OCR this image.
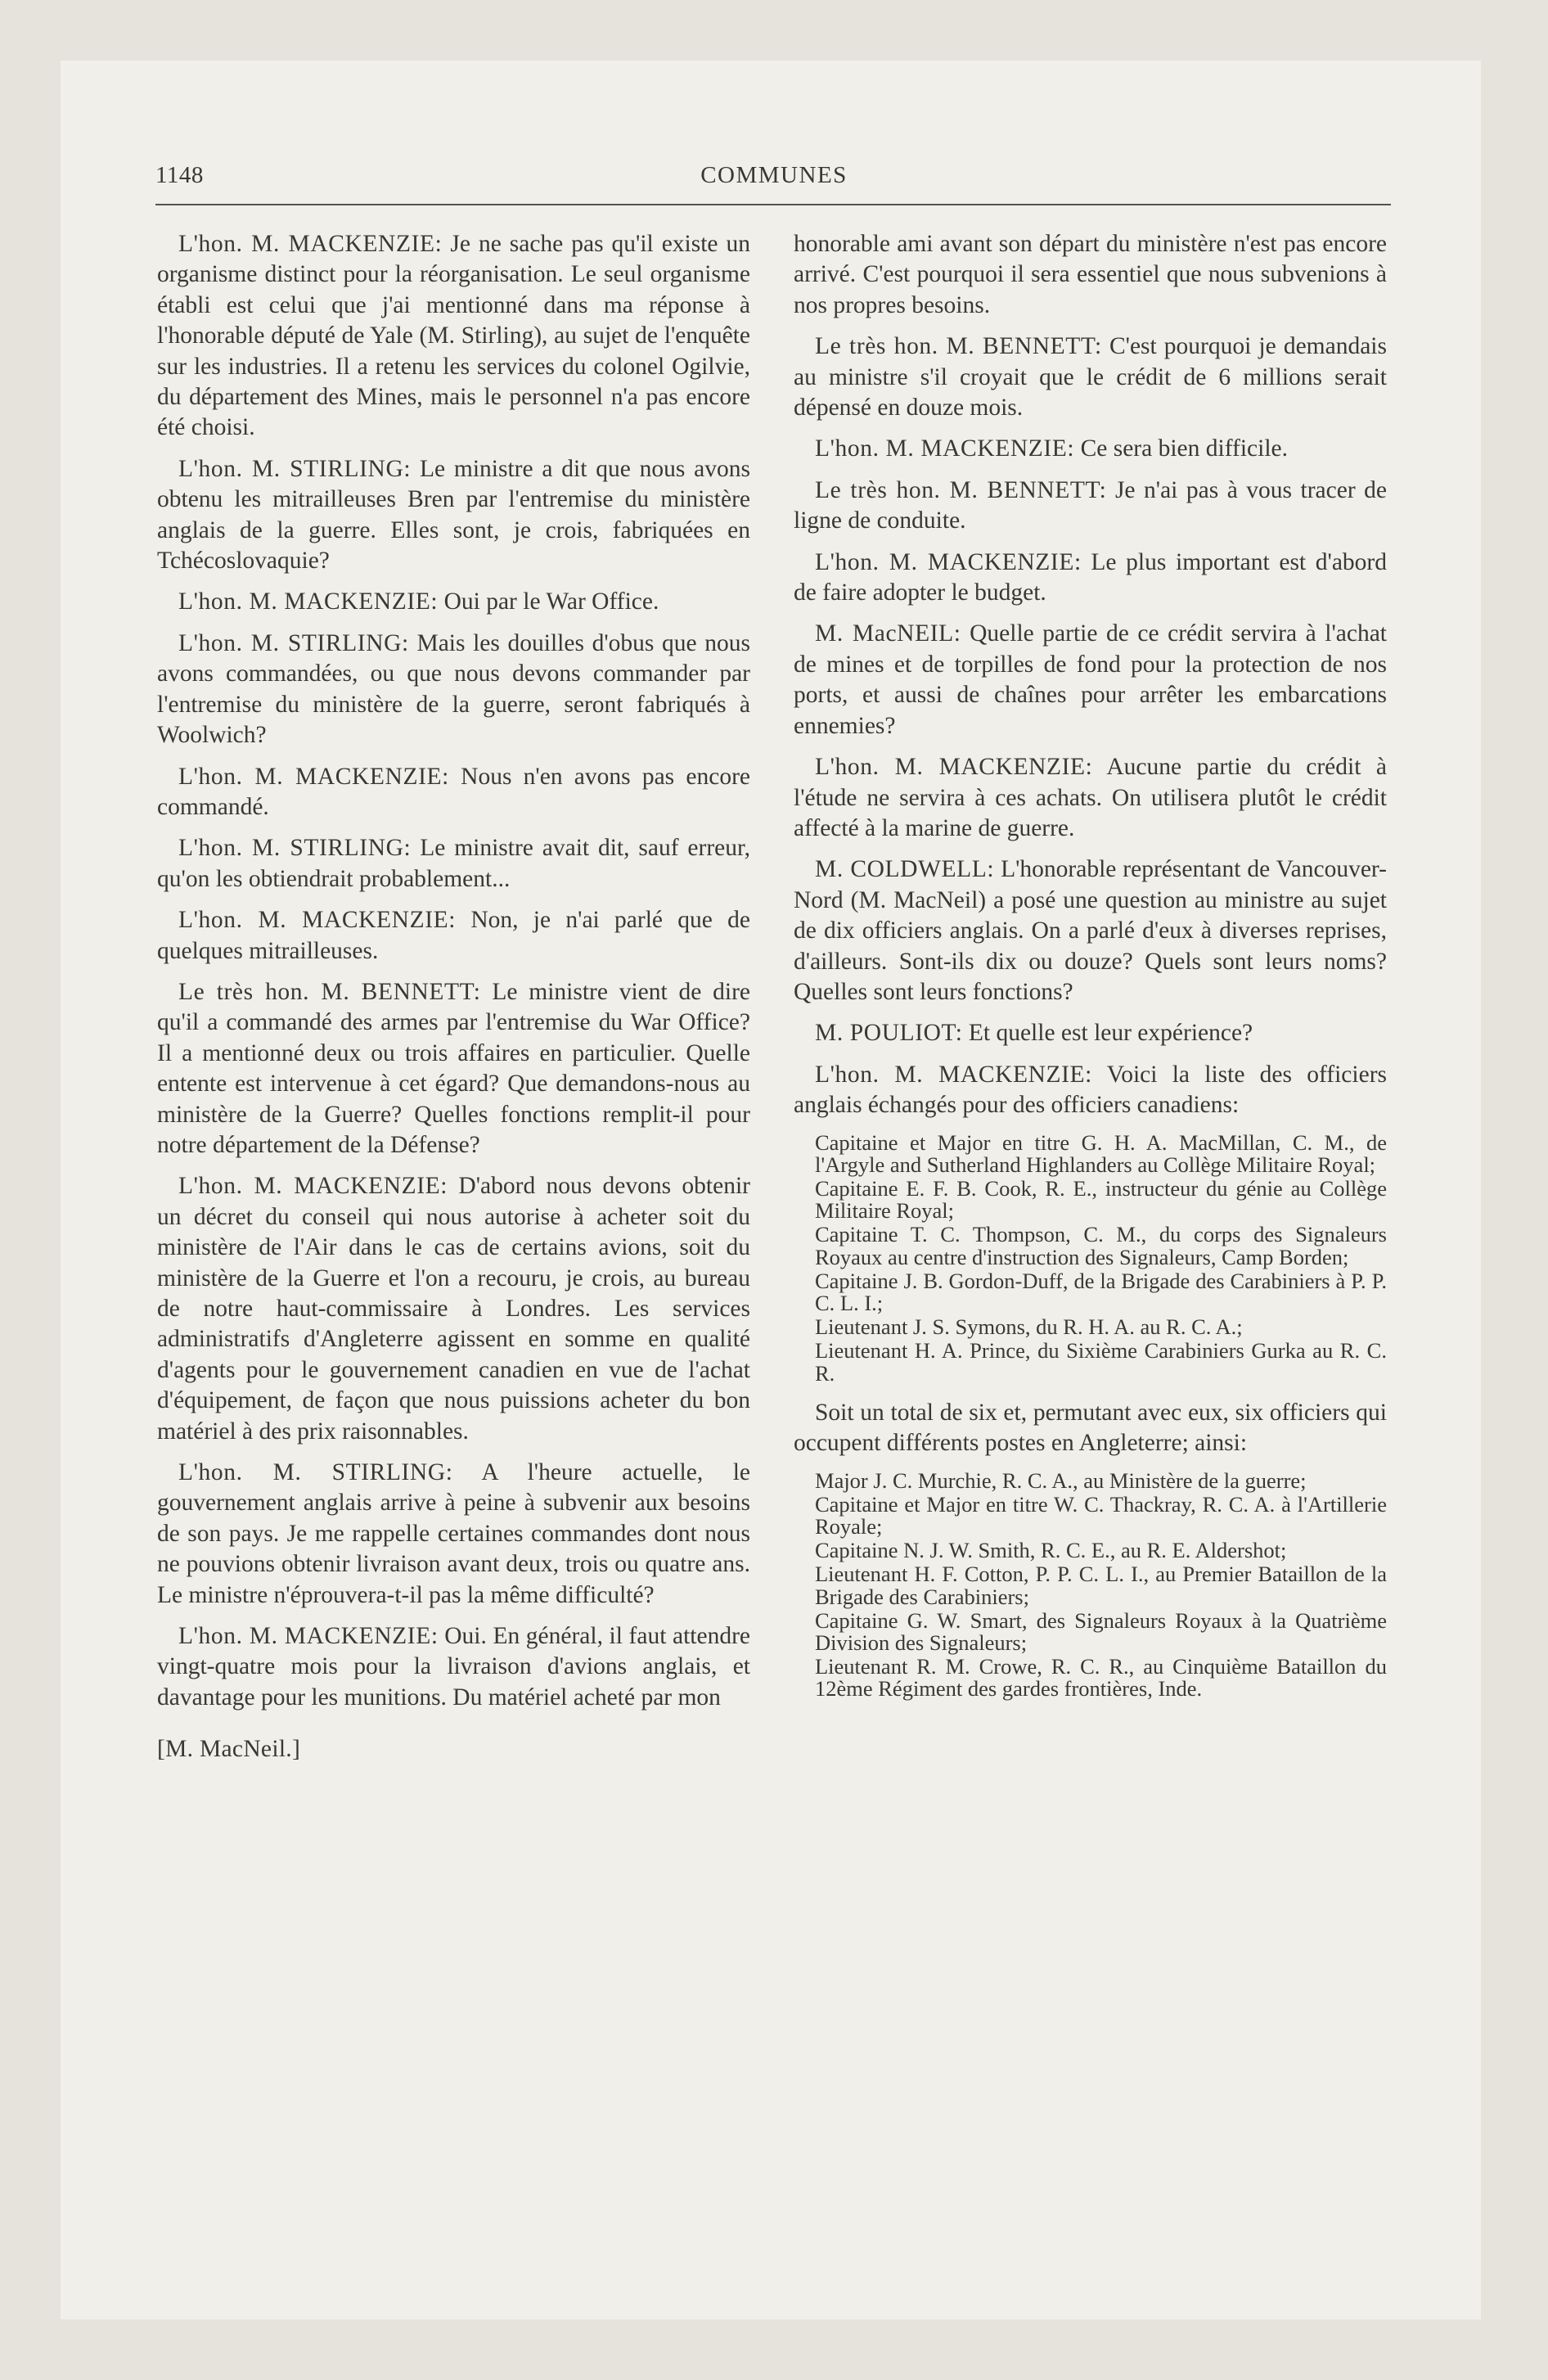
1148	COMMUNES

L'hon. M. MACKENZIE: Je ne sache pas qu'il existe un organisme distinct pour la réorganisation. Le seul organisme établi est celui que j'ai mentionné dans ma réponse à l'honorable député de Yale (M. Stirling), au sujet de l'enquête sur les industries. Il a retenu les services du colonel Ogilvie, du département des Mines, mais le personnel n'a pas encore été choisi.

L'hon. M. STIRLING: Le ministre a dit que nous avons obtenu les mitrailleuses Bren par l'entremise du ministère anglais de la guerre. Elles sont, je crois, fabriquées en Tchécoslovaquie?

L'hon. M. MACKENZIE: Oui par le War Office.

L'hon. M. STIRLING: Mais les douilles d'obus que nous avons commandées, ou que nous devons commander par l'entremise du ministère de la guerre, seront fabriqués à Woolwich?

L'hon. M. MACKENZIE: Nous n'en avons pas encore commandé.

L'hon. M. STIRLING: Le ministre avait dit, sauf erreur, qu'on les obtiendrait probablement...

L'hon. M. MACKENZIE: Non, je n'ai parlé que de quelques mitrailleuses.

Le très hon. M. BENNETT: Le ministre vient de dire qu'il a commandé des armes par l'entremise du War Office? Il a mentionné deux ou trois affaires en particulier. Quelle entente est intervenue à cet égard? Que demandons-nous au ministère de la Guerre? Quelles fonctions remplit-il pour notre département de la Défense?

L'hon. M. MACKENZIE: D'abord nous devons obtenir un décret du conseil qui nous autorise à acheter soit du ministère de l'Air dans le cas de certains avions, soit du ministère de la Guerre et l'on a recouru, je crois, au bureau de notre haut-commissaire à Londres. Les services administratifs d'Angleterre agissent en somme en qualité d'agents pour le gouvernement canadien en vue de l'achat d'équipement, de façon que nous puissions acheter du bon matériel à des prix raisonnables.

L'hon. M. STIRLING: A l'heure actuelle, le gouvernement anglais arrive à peine à subvenir aux besoins de son pays. Je me rappelle certaines commandes dont nous ne pouvions obtenir livraison avant deux, trois ou quatre ans. Le ministre n'éprouvera-t-il pas la même difficulté?

L'hon. M. MACKENZIE: Oui. En général, il faut attendre vingt-quatre mois pour la livraison d'avions anglais, et davantage pour les munitions. Du matériel acheté par mon

[M. MacNeil.]

honorable ami avant son départ du ministère n'est pas encore arrivé. C'est pourquoi il sera essentiel que nous subvenions à nos propres besoins.

Le très hon. M. BENNETT: C'est pourquoi je demandais au ministre s'il croyait que le crédit de 6 millions serait dépensé en douze mois.

L'hon. M. MACKENZIE: Ce sera bien difficile.

Le très hon. M. BENNETT: Je n'ai pas à vous tracer de ligne de conduite.

L'hon. M. MACKENZIE: Le plus important est d'abord de faire adopter le budget.

M. MacNEIL: Quelle partie de ce crédit servira à l'achat de mines et de torpilles de fond pour la protection de nos ports, et aussi de chaînes pour arrêter les embarcations ennemies?

L'hon. M. MACKENZIE: Aucune partie du crédit à l'étude ne servira à ces achats. On utilisera plutôt le crédit affecté à la marine de guerre.

M. COLDWELL: L'honorable représentant de Vancouver-Nord (M. MacNeil) a posé une question au ministre au sujet de dix officiers anglais. On a parlé d'eux à diverses reprises, d'ailleurs. Sont-ils dix ou douze? Quels sont leurs noms? Quelles sont leurs fonctions?

M. POULIOT: Et quelle est leur expérience?

L'hon. M. MACKENZIE: Voici la liste des officiers anglais échangés pour des officiers canadiens:

Capitaine et Major en titre G. H. A. MacMillan, C. M., de l'Argyle and Sutherland Highlanders au Collège Militaire Royal;

Capitaine E. F. B. Cook, R. E., instructeur du génie au Collège Militaire Royal;

Capitaine T. C. Thompson, C. M., du corps des Signaleurs Royaux au centre d'instruction des Signaleurs, Camp Borden;

Capitaine J. B. Gordon-Duff, de la Brigade des Carabiniers à P. P. C. L. I.;

Lieutenant J. S. Symons, du R. H. A. au R. C. A.;

Lieutenant H. A. Prince, du Sixième Carabiniers Gurka au R. C. R.

Soit un total de six et, permutant avec eux, six officiers qui occupent différents postes en Angleterre; ainsi:

Major J. C. Murchie, R. C. A., au Ministère de la guerre;

Capitaine et Major en titre W. C. Thackray, R. C. A. à l'Artillerie Royale;

Capitaine N. J. W. Smith, R. C. E., au R. E. Aldershot;

Lieutenant H. F. Cotton, P. P. C. L. I., au Premier Bataillon de la Brigade des Carabiniers;

Capitaine G. W. Smart, des Signaleurs Royaux à la Quatrième Division des Signaleurs;

Lieutenant R. M. Crowe, R. C. R., au Cinquième Bataillon du 12ème Régiment des gardes frontières, Inde.
